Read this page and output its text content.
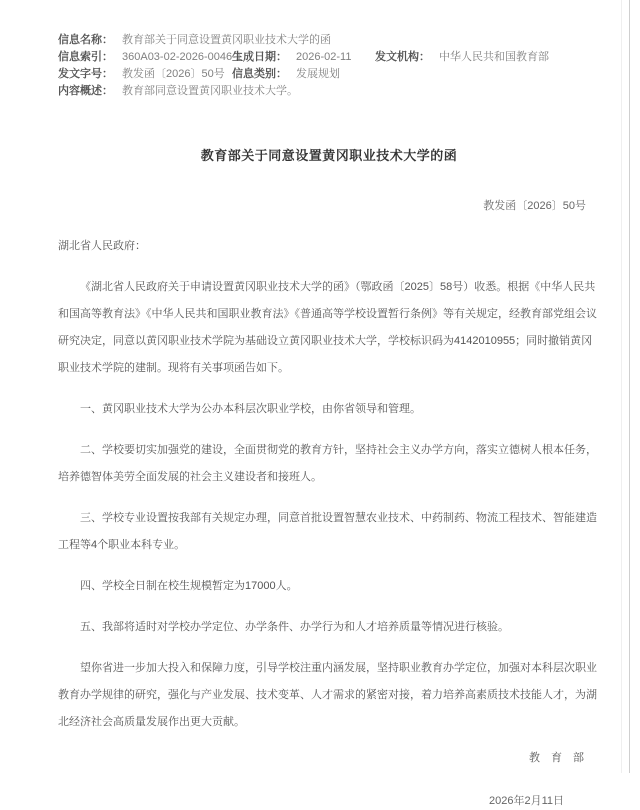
信息名称： 教育部关于同意设置黄冈职业技术大学的函
信息索引： 360A03-02-2026-0046-1
生成日期： 2026-02-11 发文机构： 中华人民共和国教育部
发文字号： 教发函〔2026〕50号 信息类别： 发展规划
内容概述： 教育部同意设置黄冈职业技术大学。
教育部关于同意设置黄冈职业技术大学的函
教发函〔2026〕50号

湖北省人民政府：

《湖北省人民政府关于申请设置黄冈职业技术大学的函》（鄂政函〔2025〕58号）收悉。根据《中华人民共和国高等教育法》《中华人民共和国职业教育法》《普通高等学校设置暂行条例》等有关规定，经教育部党组会议研究决定，同意以黄冈职业技术学院为基础设立黄冈职业技术大学，学校标识码为4142010955；同时撤销黄冈职业技术学院的建制。现将有关事项函告如下。

一、黄冈职业技术大学为公办本科层次职业学校，由你省领导和管理。

二、学校要切实加强党的建设，全面贯彻党的教育方针，坚持社会主义办学方向，落实立德树人根本任务，培养德智体美劳全面发展的社会主义建设者和接班人。

三、学校专业设置按我部有关规定办理，同意首批设置智慧农业技术、中药制药、物流工程技术、智能建造工程等4个职业本科专业。

四、学校全日制在校生规模暂定为17000人。

五、我部将适时对学校办学定位、办学条件、办学行为和人才培养质量等情况进行核验。

望你省进一步加大投入和保障力度，引导学校注重内涵发展，坚持职业教育办学定位，加强对本科层次职业教育办学规律的研究，强化与产业发展、技术变革、人才需求的紧密对接，着力培养高素质技术技能人才，为湖北经济社会高质量发展作出更大贡献。

教　育　部
2026年2月11日
